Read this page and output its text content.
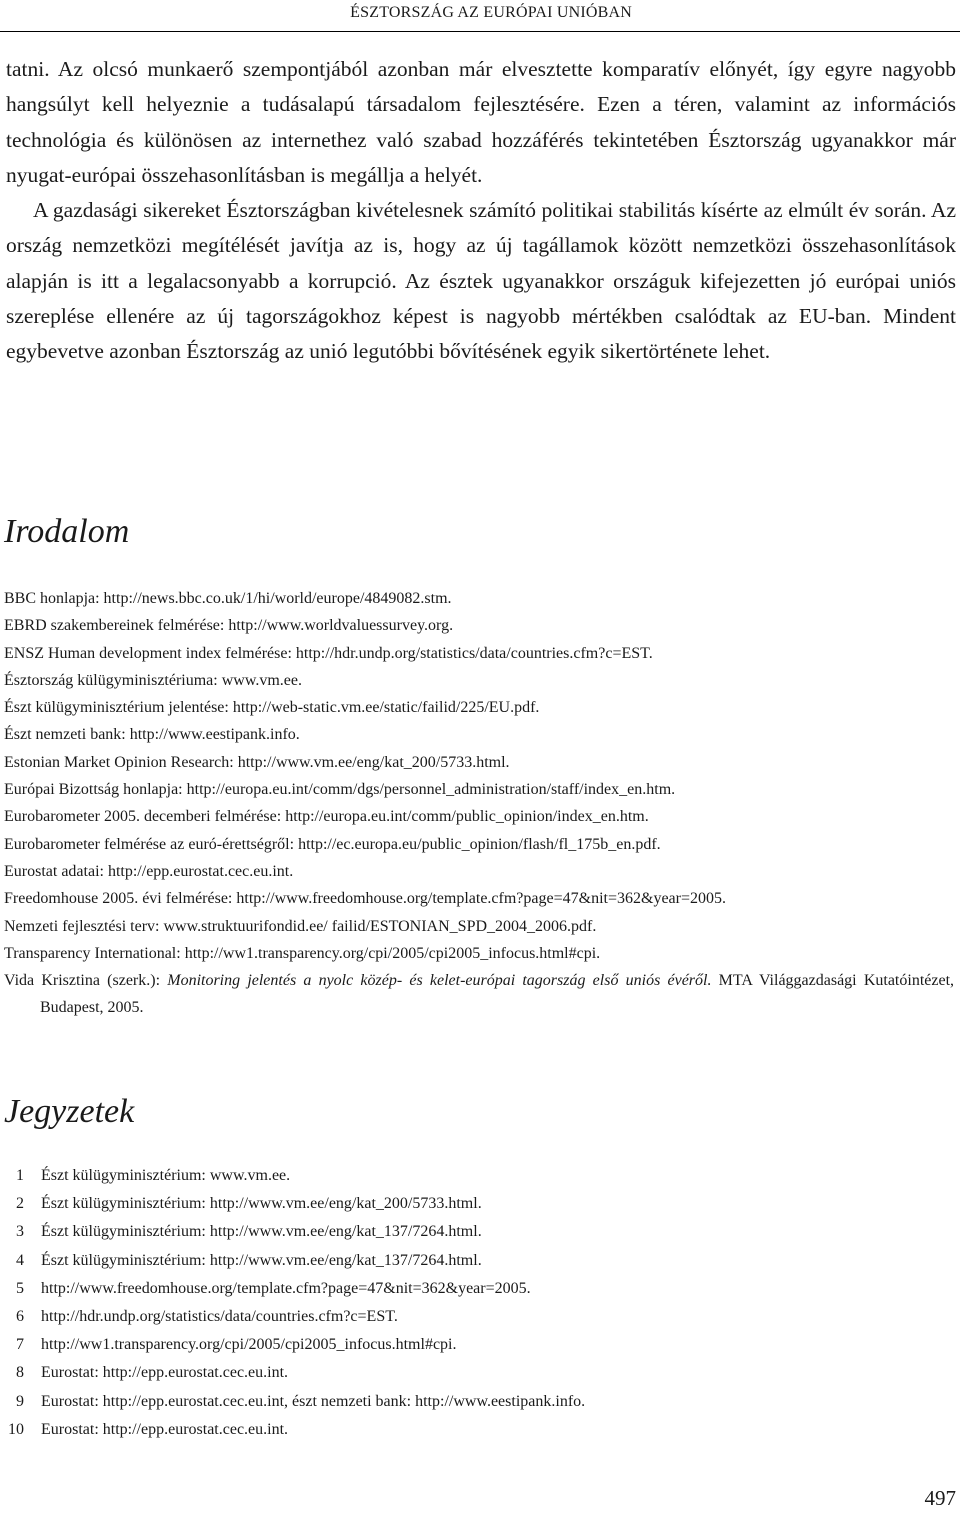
ÉSZTORSZÁG AZ EURÓPAI UNIÓBAN

tatni. Az olcsó munkaerő szempontjából azonban már elvesztette komparatív előnyét, így egyre nagyobb hangsúlyt kell helyeznie a tudásalapú társadalom fejlesztésére. Ezen a téren, valamint az információs technológia és különösen az internethez való szabad hozzáférés tekintetében Észtország ugyanakkor már nyugat-európai összehasonlításban is megállja a helyét.

A gazdasági sikereket Észtországban kivételesnek számító politikai stabilitás kísérte az elmúlt év során. Az ország nemzetközi megítélését javítja az is, hogy az új tagállamok között nemzetközi összehasonlítások alapján is itt a legalacsonyabb a korrupció. Az észtek ugyanakkor országuk kifejezetten jó európai uniós szereplése ellenére az új tagországokhoz képest is nagyobb mértékben csalódtak az EU-ban. Mindent egybevetve azonban Észtország az unió legutóbbi bővítésének egyik sikertörténete lehet.

Irodalom
BBC honlapja: http://news.bbc.co.uk/1/hi/world/europe/4849082.stm.
EBRD szakembereinek felmérése: http://www.worldvaluessurvey.org.
ENSZ Human development index felmérése: http://hdr.undp.org/statistics/data/countries.cfm?c=EST.
Észtország külügyminisztériuma: www.vm.ee.
Észt külügyminisztérium jelentése: http://web-static.vm.ee/static/failid/225/EU.pdf.
Észt nemzeti bank: http://www.eestipank.info.
Estonian Market Opinion Research: http://www.vm.ee/eng/kat_200/5733.html.
Európai Bizottság honlapja: http://europa.eu.int/comm/dgs/personnel_administration/staff/index_en.htm.
Eurobarometer 2005. decemberi felmérése: http://europa.eu.int/comm/public_opinion/index_en.htm.
Eurobarometer felmérése az euró-érettségről: http://ec.europa.eu/public_opinion/flash/fl_175b_en.pdf.
Eurostat adatai: http://epp.eurostat.cec.eu.int.
Freedomhouse 2005. évi felmérése: http://www.freedomhouse.org/template.cfm?page=47&nit=362&year=2005.
Nemzeti fejlesztési terv: www.struktuurifondid.ee/ failid/ESTONIAN_SPD_2004_2006.pdf.
Transparency International: http://ww1.transparency.org/cpi/2005/cpi2005_infocus.html#cpi.
Vida Krisztina (szerk.): Monitoring jelentés a nyolc közép- és kelet-európai tagország első uniós évéről. MTA Világgazdasági Kutatóintézet, Budapest, 2005.
Jegyzetek
1 Észt külügyminisztérium: www.vm.ee.
2 Észt külügyminisztérium: http://www.vm.ee/eng/kat_200/5733.html.
3 Észt külügyminisztérium: http://www.vm.ee/eng/kat_137/7264.html.
4 Észt külügyminisztérium: http://www.vm.ee/eng/kat_137/7264.html.
5 http://www.freedomhouse.org/template.cfm?page=47&nit=362&year=2005.
6 http://hdr.undp.org/statistics/data/countries.cfm?c=EST.
7 http://ww1.transparency.org/cpi/2005/cpi2005_infocus.html#cpi.
8 Eurostat: http://epp.eurostat.cec.eu.int.
9 Eurostat: http://epp.eurostat.cec.eu.int, észt nemzeti bank: http://www.eestipank.info.
10 Eurostat: http://epp.eurostat.cec.eu.int.
497
